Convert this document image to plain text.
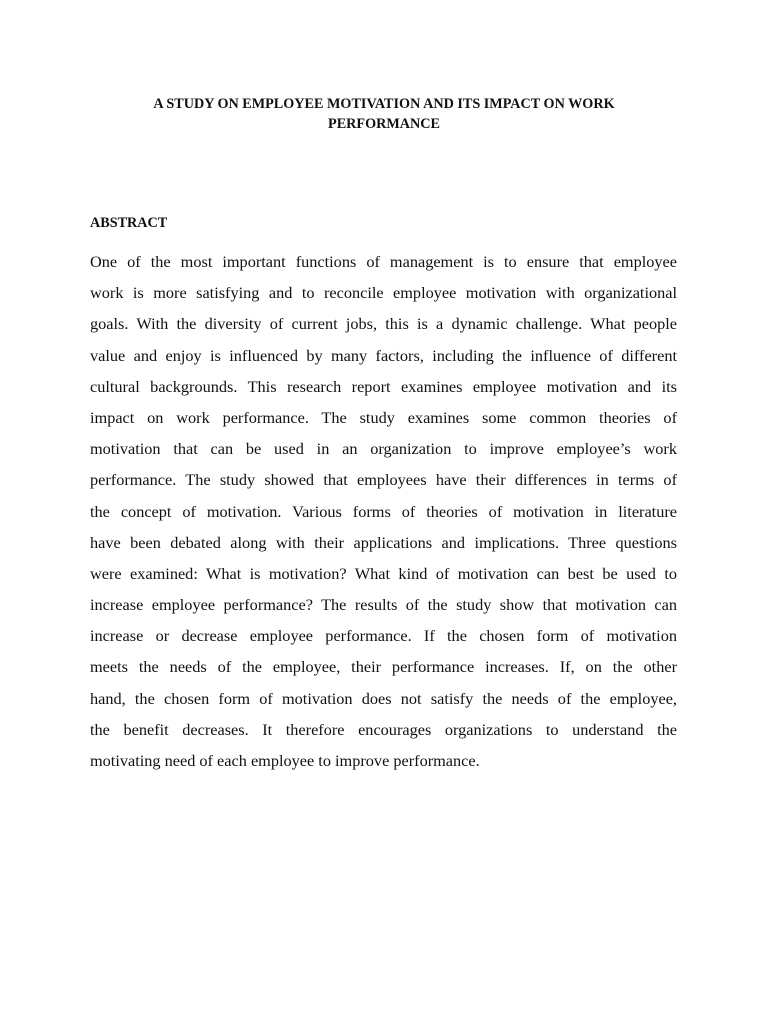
A STUDY ON EMPLOYEE MOTIVATION AND ITS IMPACT ON WORK
PERFORMANCE
ABSTRACT
One of the most important functions of management is to ensure that employee
work is more satisfying and to reconcile employee motivation with organizational
goals. With the diversity of current jobs, this is a dynamic challenge. What people
value and enjoy is influenced by many factors, including the influence of different
cultural backgrounds. This research report examines employee motivation and its
impact on work performance. The study examines some common theories of
motivation that can be used in an organization to improve employee’s work
performance. The study showed that employees have their differences in terms of
the concept of motivation. Various forms of theories of motivation in literature
have been debated along with their applications and implications. Three questions
were examined: What is motivation? What kind of motivation can best be used to
increase employee performance? The results of the study show that motivation can
increase or decrease employee performance. If the chosen form of motivation
meets the needs of the employee, their performance increases. If, on the other
hand, the chosen form of motivation does not satisfy the needs of the employee,
the benefit decreases. It therefore encourages organizations to understand the
motivating need of each employee to improve performance.
